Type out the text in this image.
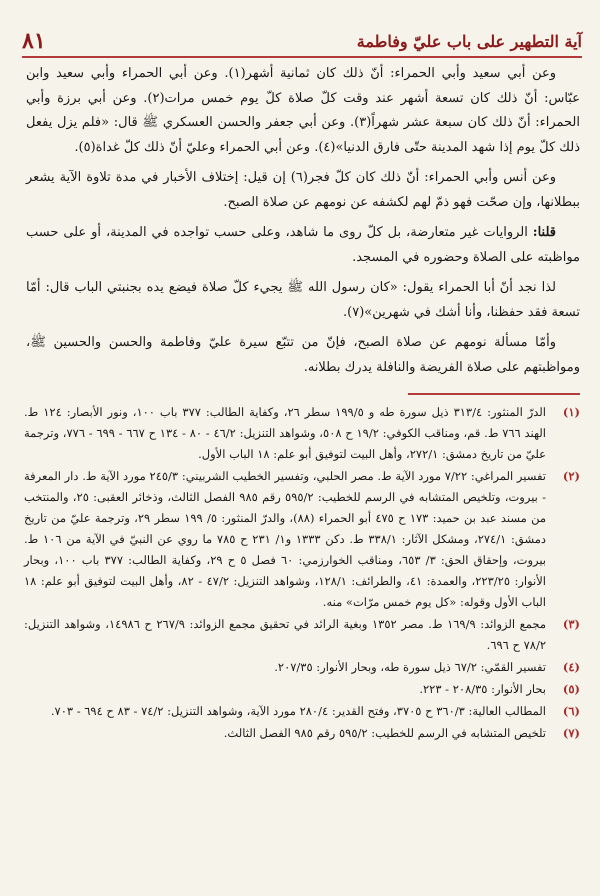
آية التطهير على باب عليّ وفاطمة
٨١

وعن أبي سعيد وأبي الحمراء: أنّ ذلك كان ثمانية أشهر(١). وعن أبي الحمراء وأبي سعيد وابن عبّاس: أنّ ذلك كان تسعة أشهر عند وقت كلّ صلاة كلّ يوم خمس مرات(٢). وعن أبي برزة وأبي الحمراء: أنّ ذلك كان سبعة عشر شهراً(٣). وعن أبي جعفر والحسن العسكري ﷺ قال: «فلم يزل يفعل ذلك كلّ يوم إذا شهد المدينة حتّى فارق الدنيا»(٤). وعن أبي الحمراء وعليّ أنّ ذلك كلّ غداة(٥).

وعن أنس وأبي الحمراء: أنّ ذلك كان كلّ فجر(٦) إن قيل: إختلاف الأخبار في مدة تلاوة الآية يشعر ببطلانها، وإن صحّت فهو ذمّ لهم لكشفه عن نومهم عن صلاة الصبح.

قلنا: الروايات غير متعارضة، بل كلّ روى ما شاهد، وعلى حسب تواجده في المدينة، أو على حسب مواظبته على الصلاة وحضوره في المسجد.

لذا نجد أنّ أبا الحمراء يقول: «كان رسول الله ﷺ يجيء كلّ صلاة فيضع يده بجنبتي الباب قال: أمّا تسعة فقد حفظنا، وأنا أشك في شهرين»(٧).

وأمّا مسألة نومهم عن صلاة الصبح، فإنّ من تتبّع سيرة عليّ وفاطمة والحسن والحسين ﷺ، ومواظبتهم على صلاة الفريضة والنافلة يدرك بطلانه.

(١)
الدرّ المنثور: ٣١٣/٤ ذيل سورة طه و ١٩٩/٥ سطر ٢٦، وكفاية الطالب: ٣٧٧ باب ١٠٠، ونور الأبصار: ١٢٤ ط. الهند ٧٦٦ ط. قم، ومناقب الكوفي: ١٩/٢ ح ٥٠٨، وشواهد التنزيل: ٤٦/٢ - ٨٠ - ١٣٤ ح ٦٦٧ - ٦٩٩ - ٧٧٦، وترجمة عليّ من تاريخ دمشق: ٢٧٢/١، وأهل البيت لتوفيق أبو علم: ١٨ الباب الأول.
(٢)
تفسير المراغي: ٧/٢٢ مورد الآية ط. مصر الحلبي، وتفسير الخطيب الشربيني: ٢٤٥/٣ مورد الآية ط. دار المعرفة - بيروت، وتلخيص المتشابه في الرسم للخطيب: ٥٩٥/٢ رقم ٩٨٥ الفصل الثالث، وذخائر العقبى: ٢٥، والمنتخب من مسند عبد بن حميد: ١٧٣ ح ٤٧٥ أبو الحمراء (٨٨)، والدرّ المنثور: ٥/ ١٩٩ سطر ٢٩، وترجمة عليّ من تاريخ دمشق: ٢٧٤/١، ومشكل الآثار: ٣٣٨/١ ط. دكن ١٣٣٣ و١/ ٢٣١ ح ٧٨٥ ما روي عن النبيّ في الآية من ١٠٦ ط. بيروت، وإحقاق الحق: ٣/ ٦٥٣، ومناقب الخوارزمي: ٦٠ فصل ٥ ح ٢٩، وكفاية الطالب: ٣٧٧ باب ١٠٠، وبحار الأنوار: ٢٢٣/٢٥، والعمدة: ٤١، والطرائف: ١٢٨/١، وشواهد التنزيل: ٤٧/٢ - ٨٢، وأهل البيت لتوفيق أبو علم: ١٨ الباب الأول وقوله: «كل يوم خمس مرّات» منه.
(٣)
مجمع الزوائد: ١٦٩/٩ ط. مصر ١٣٥٢ وبغية الرائد في تحقيق مجمع الزوائد: ٢٦٧/٩ ح ١٤٩٨٦، وشواهد التنزيل: ٧٨/٢ ح ٦٩٦.
(٤)
تفسير القمّي: ٦٧/٢ ذيل سورة طه، وبحار الأنوار: ٢٠٧/٣٥.
(٥)
بحار الأنوار: ٢٠٨/٣٥ - ٢٢٣.
(٦)
المطالب العالية: ٣٦٠/٣ ح ٣٧٠٥، وفتح القدير: ٢٨٠/٤ مورد الآية، وشواهد التنزيل: ٧٤/٢ - ٨٣ ح ٦٩٤ - ٧٠٣.
(٧)
تلخيص المتشابه في الرسم للخطيب: ٥٩٥/٢ رقم ٩٨٥ الفصل الثالث.
